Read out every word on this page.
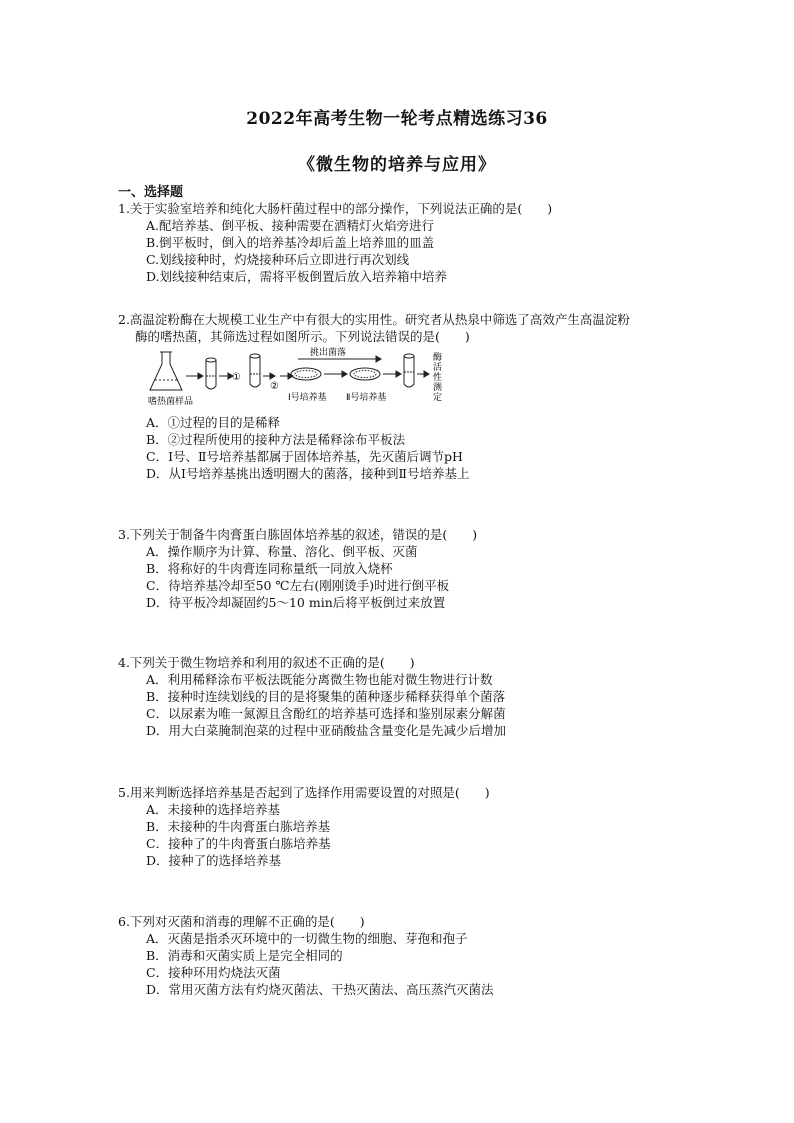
2022年高考生物一轮考点精选练习36
《微生物的培养与应用》
一、选择题
1.关于实验室培养和纯化大肠杆菌过程中的部分操作，下列说法正确的是(　　)
A.配培养基、倒平板、接种需要在酒精灯火焰旁进行
B.倒平板时，倒入的培养基冷却后盖上培养皿的皿盖
C.划线接种时，灼烧接种环后立即进行再次划线
D.划线接种结束后，需将平板倒置后放入培养箱中培养
2.高温淀粉酶在大规模工业生产中有很大的实用性。研究者从热泉中筛选了高效产生高温淀粉
酶的嗜热菌，其筛选过程如图所示。下列说法错误的是(　　)
嗜热菌样品
①
②
Ⅰ号培养基
挑出菌落
Ⅱ号培养基	酶活性测定
A．①过程的目的是稀释
B．②过程所使用的接种方法是稀释涂布平板法
C．Ⅰ号、Ⅱ号培养基都属于固体培养基，先灭菌后调节pH
D．从Ⅰ号培养基挑出透明圈大的菌落，接种到Ⅱ号培养基上
3.下列关于制备牛肉膏蛋白胨固体培养基的叙述，错误的是(　　)
A．操作顺序为计算、称量、溶化、倒平板、灭菌
B．将称好的牛肉膏连同称量纸一同放入烧杯
C．待培养基冷却至50 ℃左右(刚刚烫手)时进行倒平板
D．待平板冷却凝固约5～10 min后将平板倒过来放置
4.下列关于微生物培养和利用的叙述不正确的是(　　)
A．利用稀释涂布平板法既能分离微生物也能对微生物进行计数
B．接种时连续划线的目的是将聚集的菌种逐步稀释获得单个菌落
C．以尿素为唯一氮源且含酚红的培养基可选择和鉴别尿素分解菌
D．用大白菜腌制泡菜的过程中亚硝酸盐含量变化是先减少后增加
5.用来判断选择培养基是否起到了选择作用需要设置的对照是(　　)
A．未接种的选择培养基
B．未接种的牛肉膏蛋白胨培养基
C．接种了的牛肉膏蛋白胨培养基
D．接种了的选择培养基
6.下列对灭菌和消毒的理解不正确的是(　　)
A．灭菌是指杀灭环境中的一切微生物的细胞、芽孢和孢子
B．消毒和灭菌实质上是完全相同的
C．接种环用灼烧法灭菌
D．常用灭菌方法有灼烧灭菌法、干热灭菌法、高压蒸汽灭菌法
